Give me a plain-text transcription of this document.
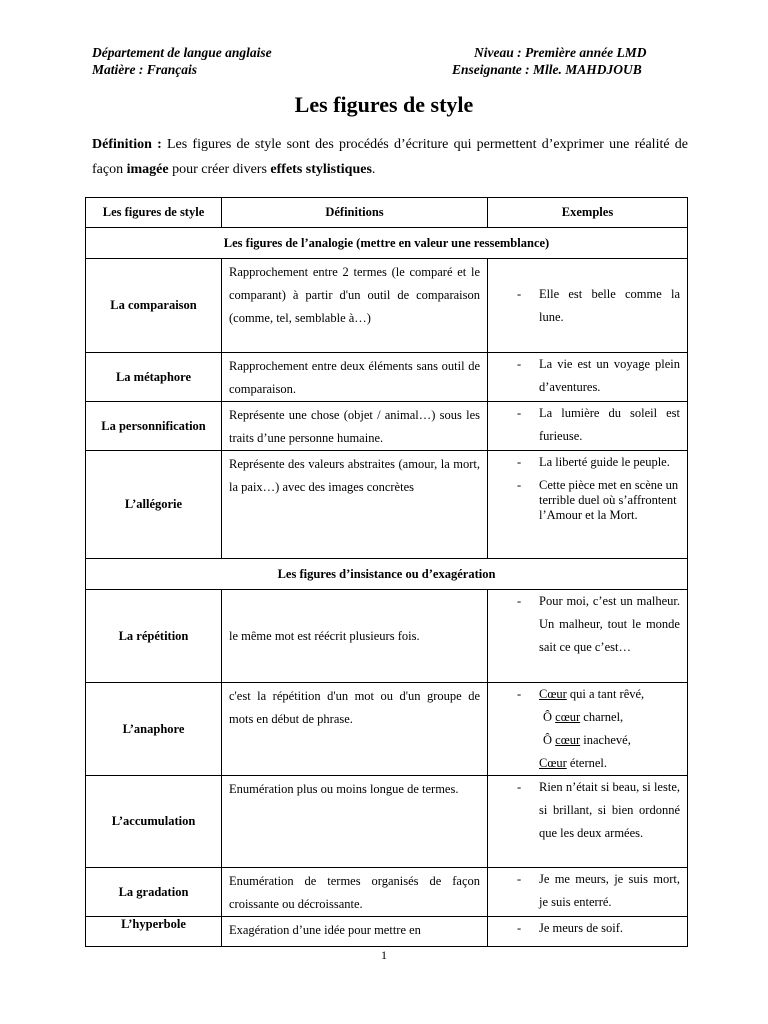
Département de langue anglaise
Matière : Français
Niveau : Première année LMD
Enseignante : Mlle. MAHDJOUB
Les figures de style
Définition : Les figures de style sont des procédés d’écriture qui permettent d’exprimer une réalité de façon imagée pour créer divers effets stylistiques.
Les figures de style	Définitions	Exemples
Les figures de l’analogie (mettre en valeur une ressemblance)		
La comparaison	Rapprochement entre 2 termes (le comparé et le comparant) à partir d'un outil de comparaison (comme, tel, semblable à…)	- Elle est belle comme la lune.

La métaphore	Rapprochement entre deux éléments sans outil de comparaison.	- La vie est un voyage plein d’aventures.

La personnification	Représente une chose (objet / animal…) sous les traits d’une personne humaine.	- La lumière du soleil est furieuse.

L’allégorie	Représente des valeurs abstraites (amour, la mort, la paix…) avec des images concrètes	- La liberté guide le peuple.
- Cette pièce met en scène un terrible duel où s’affrontent l’Amour et la Mort.

Les figures d’insistance ou d’exagération		
La répétition	le même mot est réécrit plusieurs fois.	- Pour moi, c’est un malheur. Un malheur, tout le monde sait ce que c’est…

L’anaphore	c'est la répétition d'un mot ou d'un groupe de mots en début de phrase.	- Cœur qui a tant rêvé,
Ô cœur charnel,
Ô cœur inachevé,
Cœur éternel.

L’accumulation	Enumération plus ou moins longue de termes.	- Rien n’était si beau, si leste, si brillant, si bien ordonné que les deux armées.

La gradation	Enumération de termes organisés de façon croissante ou décroissante.	- Je me meurs, je suis mort, je suis enterré.

L’hyperbole	Exagération d’une idée pour mettre en	- Je meurs de soif.
1
